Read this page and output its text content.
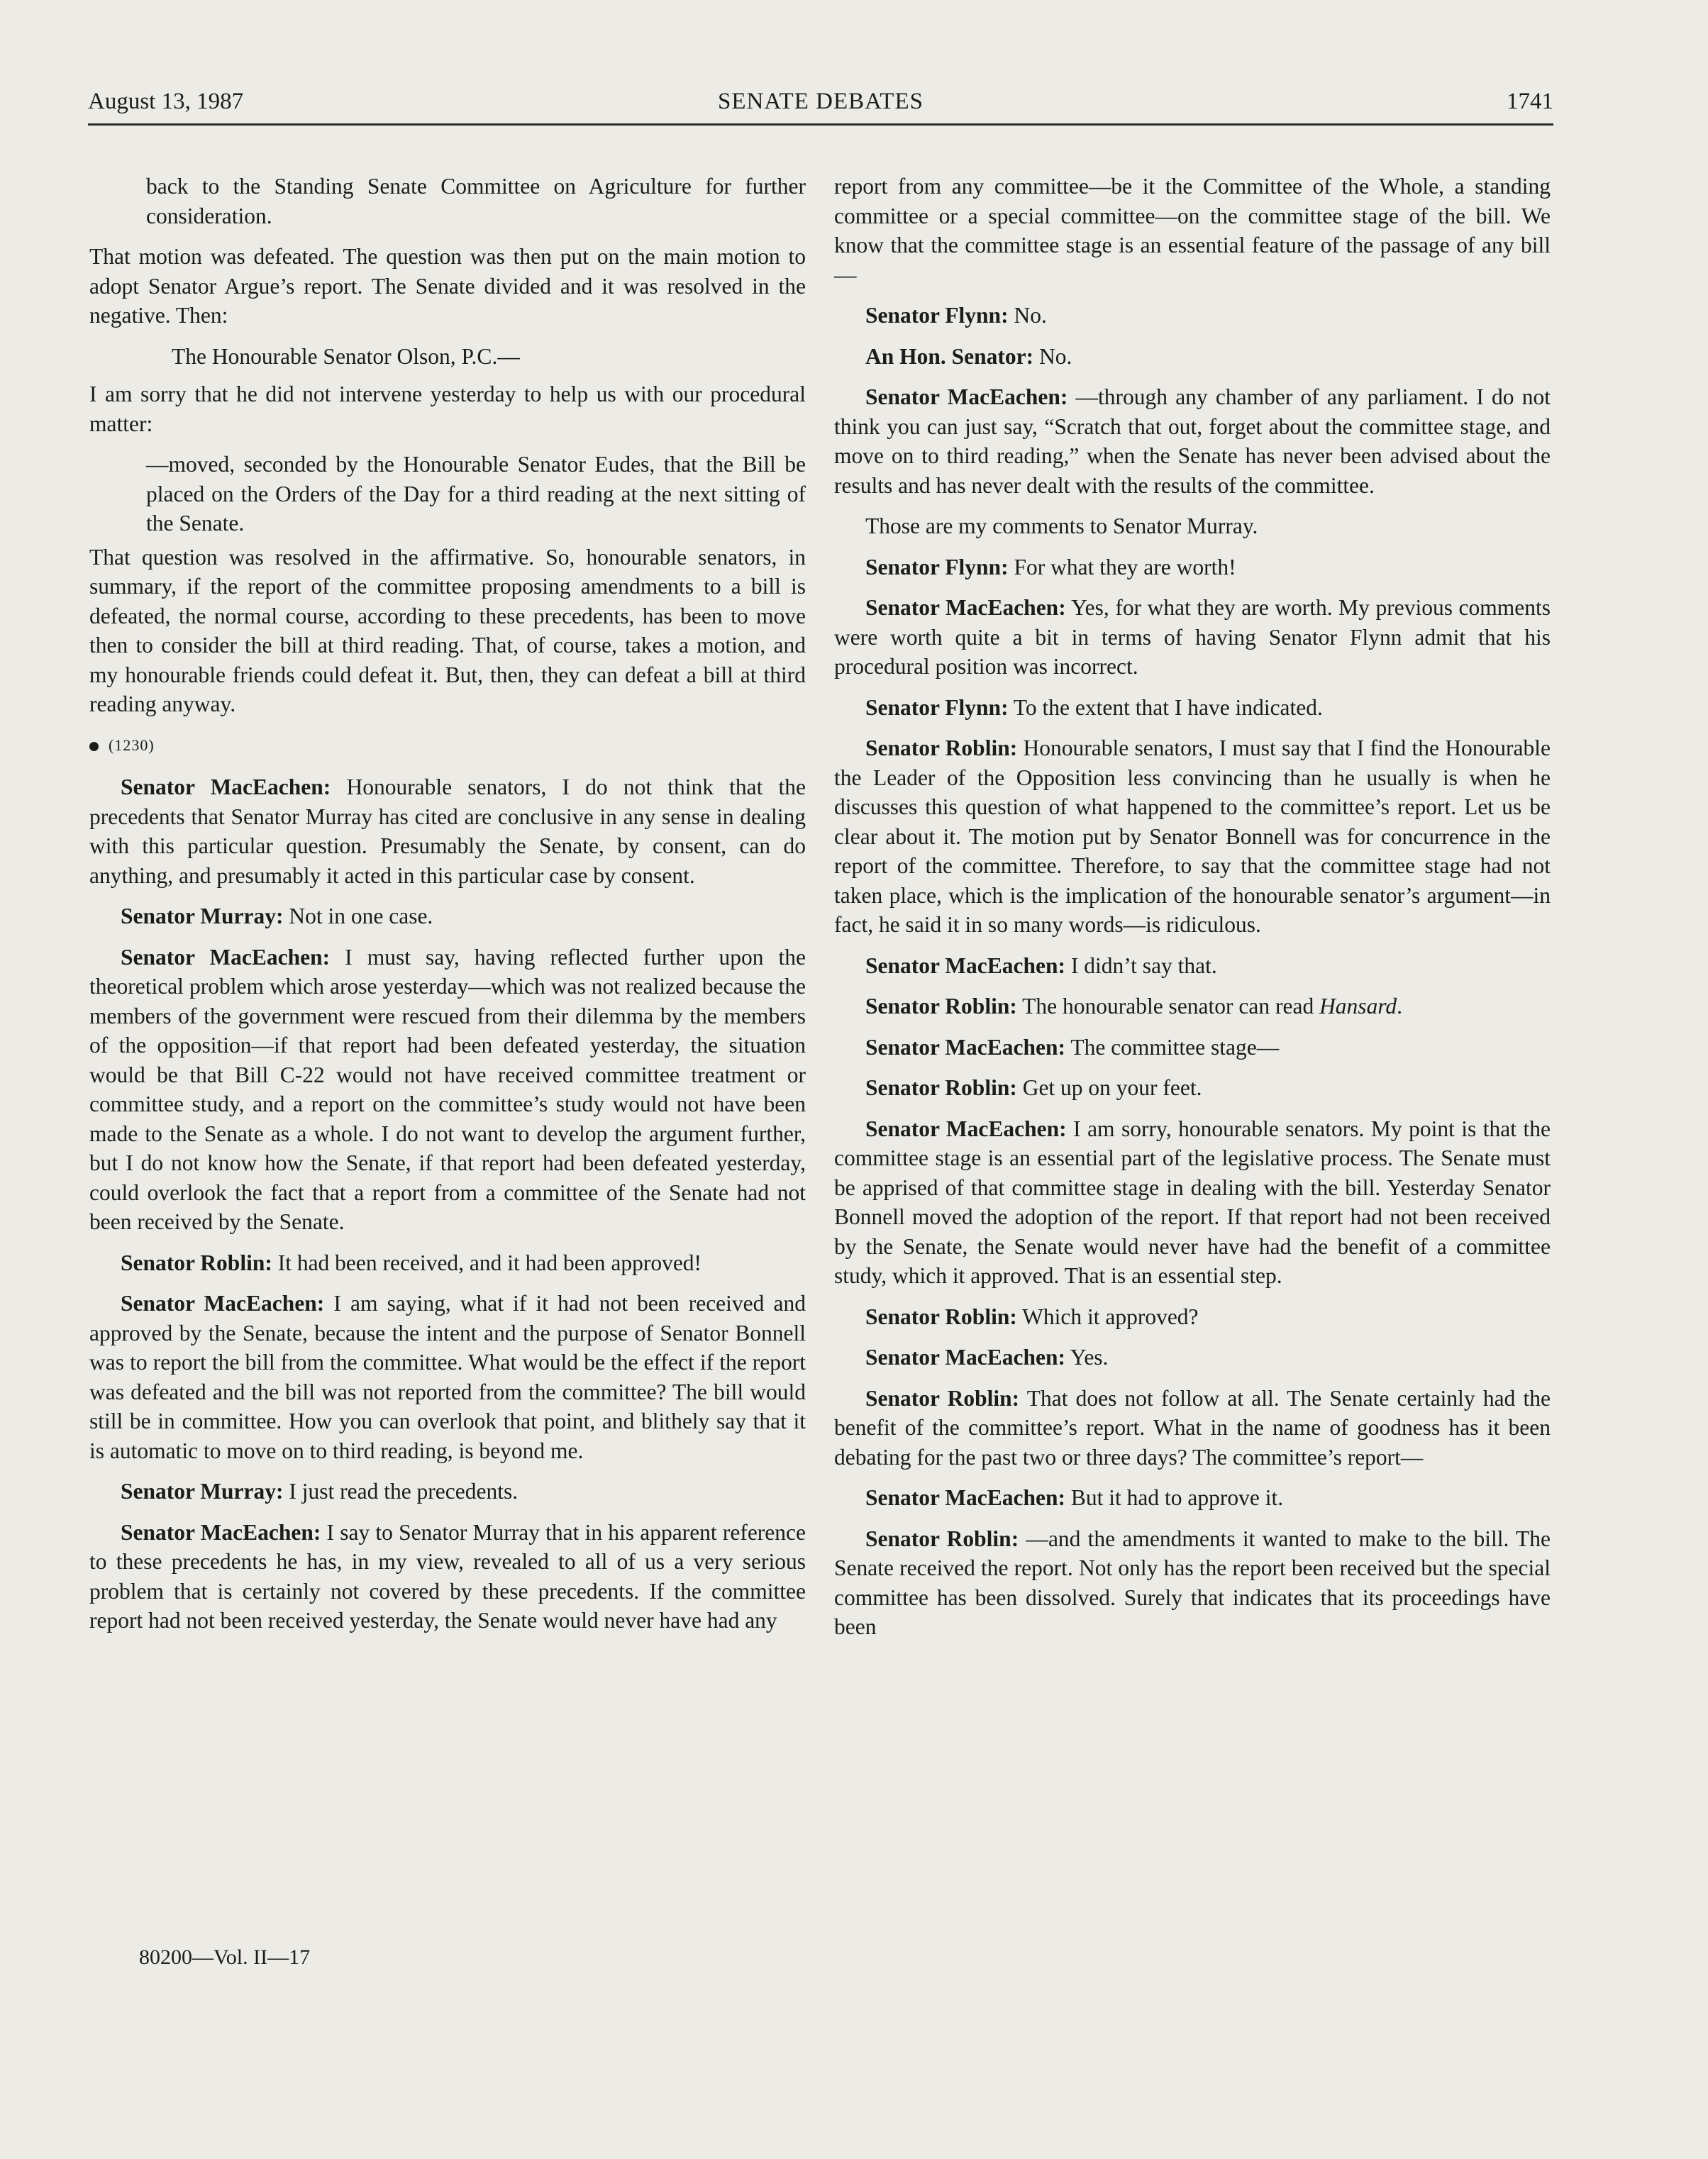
August 13, 1987	SENATE DEBATES	1741

back to the Standing Senate Committee on Agriculture for further consideration.

That motion was defeated. The question was then put on the main motion to adopt Senator Argue’s report. The Senate divided and it was resolved in the negative. Then:

The Honourable Senator Olson, P.C.—

I am sorry that he did not intervene yesterday to help us with our procedural matter:

—moved, seconded by the Honourable Senator Eudes, that the Bill be placed on the Orders of the Day for a third reading at the next sitting of the Senate.

That question was resolved in the affirmative. So, honourable senators, in summary, if the report of the committee proposing amendments to a bill is defeated, the normal course, according to these precedents, has been to move then to consider the bill at third reading. That, of course, takes a motion, and my honourable friends could defeat it. But, then, they can defeat a bill at third reading anyway.

(1230)

Senator MacEachen: Honourable senators, I do not think that the precedents that Senator Murray has cited are conclusive in any sense in dealing with this particular question. Presumably the Senate, by consent, can do anything, and presumably it acted in this particular case by consent.

Senator Murray: Not in one case.

Senator MacEachen: I must say, having reflected further upon the theoretical problem which arose yesterday—which was not realized because the members of the government were rescued from their dilemma by the members of the opposition—if that report had been defeated yesterday, the situation would be that Bill C-22 would not have received committee treatment or committee study, and a report on the committee’s study would not have been made to the Senate as a whole. I do not want to develop the argument further, but I do not know how the Senate, if that report had been defeated yesterday, could overlook the fact that a report from a committee of the Senate had not been received by the Senate.

Senator Roblin: It had been received, and it had been approved!

Senator MacEachen: I am saying, what if it had not been received and approved by the Senate, because the intent and the purpose of Senator Bonnell was to report the bill from the committee. What would be the effect if the report was defeated and the bill was not reported from the committee? The bill would still be in committee. How you can overlook that point, and blithely say that it is automatic to move on to third reading, is beyond me.

Senator Murray: I just read the precedents.

Senator MacEachen: I say to Senator Murray that in his apparent reference to these precedents he has, in my view, revealed to all of us a very serious problem that is certainly not covered by these precedents. If the committee report had not been received yesterday, the Senate would never have had any

report from any committee—be it the Committee of the Whole, a standing committee or a special committee—on the committee stage of the bill. We know that the committee stage is an essential feature of the passage of any bill—

Senator Flynn: No.

An Hon. Senator: No.

Senator MacEachen: —through any chamber of any parliament. I do not think you can just say, “Scratch that out, forget about the committee stage, and move on to third reading,” when the Senate has never been advised about the results and has never dealt with the results of the committee.

Those are my comments to Senator Murray.

Senator Flynn: For what they are worth!

Senator MacEachen: Yes, for what they are worth. My previous comments were worth quite a bit in terms of having Senator Flynn admit that his procedural position was incorrect.

Senator Flynn: To the extent that I have indicated.

Senator Roblin: Honourable senators, I must say that I find the Honourable the Leader of the Opposition less convincing than he usually is when he discusses this question of what happened to the committee’s report. Let us be clear about it. The motion put by Senator Bonnell was for concurrence in the report of the committee. Therefore, to say that the committee stage had not taken place, which is the implication of the honourable senator’s argument—in fact, he said it in so many words—is ridiculous.

Senator MacEachen: I didn’t say that.

Senator Roblin: The honourable senator can read Hansard.

Senator MacEachen: The committee stage—

Senator Roblin: Get up on your feet.

Senator MacEachen: I am sorry, honourable senators. My point is that the committee stage is an essential part of the legislative process. The Senate must be apprised of that committee stage in dealing with the bill. Yesterday Senator Bonnell moved the adoption of the report. If that report had not been received by the Senate, the Senate would never have had the benefit of a committee study, which it approved. That is an essential step.

Senator Roblin: Which it approved?

Senator MacEachen: Yes.

Senator Roblin: That does not follow at all. The Senate certainly had the benefit of the committee’s report. What in the name of goodness has it been debating for the past two or three days? The committee’s report—

Senator MacEachen: But it had to approve it.

Senator Roblin: —and the amendments it wanted to make to the bill. The Senate received the report. Not only has the report been received but the special committee has been dissolved. Surely that indicates that its proceedings have been

80200—Vol. II—17
